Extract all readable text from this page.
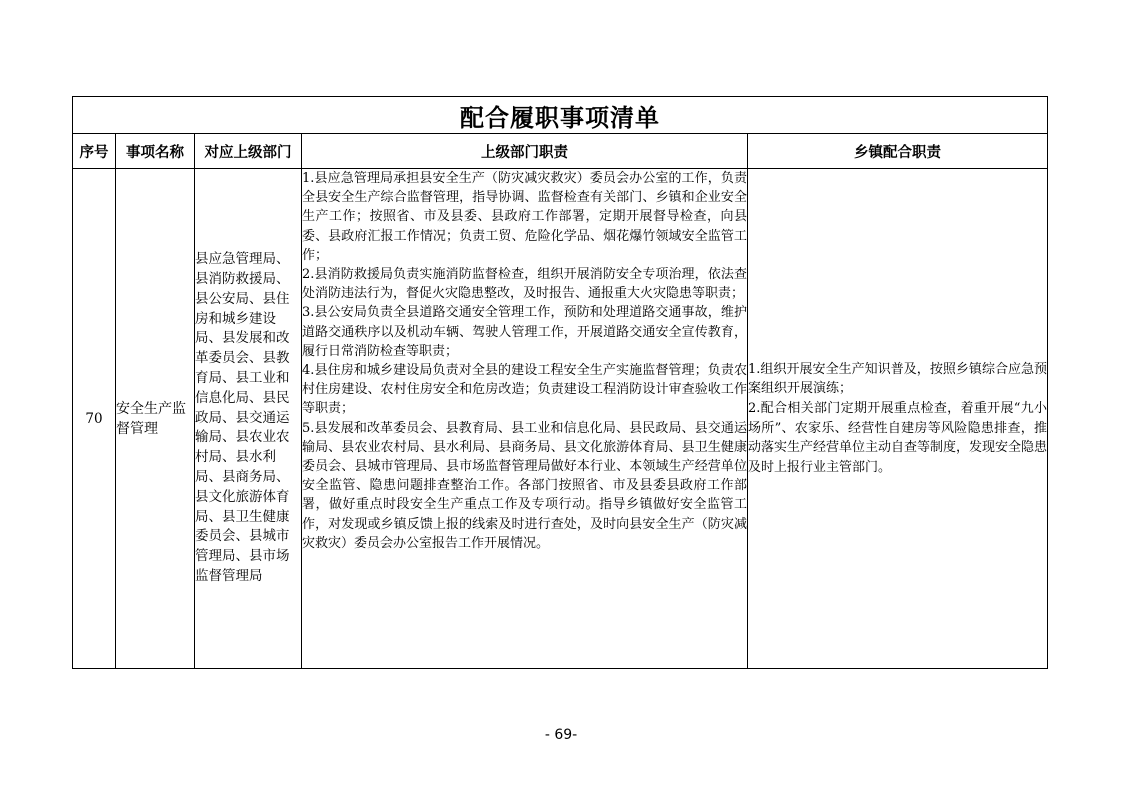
配合履职事项清单				
序号	事项名称	对应上级部门	上级部门职责	乡镇配合职责
70	安全生产监督管理	县应急管理局、县消防救援局、县公安局、县住房和城乡建设局、县发展和改革委员会、县教育局、县工业和信息化局、县民政局、县交通运输局、县农业农村局、县水利局、县商务局、县文化旅游体育局、县卫生健康委员会、县城市管理局、县市场监督管理局	1.县应急管理局承担县安全生产（防灾减灾救灾）委员会办公室的工作，负责全县安全生产综合监督管理，指导协调、监督检查有关部门、乡镇和企业安全生产工作；按照省、市及县委、县政府工作部署，定期开展督导检查，向县委、县政府汇报工作情况；负责工贸、危险化学品、烟花爆竹领域安全监管工作；
2.县消防救援局负责实施消防监督检查，组织开展消防安全专项治理，依法查处消防违法行为，督促火灾隐患整改，及时报告、通报重大火灾隐患等职责；
3.县公安局负责全县道路交通安全管理工作，预防和处理道路交通事故，维护道路交通秩序以及机动车辆、驾驶人管理工作，开展道路交通安全宣传教育，履行日常消防检查等职责；
4.县住房和城乡建设局负责对全县的建设工程安全生产实施监督管理；负责农村住房建设、农村住房安全和危房改造；负责建设工程消防设计审查验收工作等职责；
5.县发展和改革委员会、县教育局、县工业和信息化局、县民政局、县交通运输局、县农业农村局、县水利局、县商务局、县文化旅游体育局、县卫生健康委员会、县城市管理局、县市场监督管理局做好本行业、本领域生产经营单位安全监管、隐患问题排查整治工作。各部门按照省、市及县委县政府工作部署，做好重点时段安全生产重点工作及专项行动。指导乡镇做好安全监管工作，对发现或乡镇反馈上报的线索及时进行查处，及时向县安全生产（防灾减灾救灾）委员会办公室报告工作开展情况。	1.组织开展安全生产知识普及，按照乡镇综合应急预案组织开展演练；
2.配合相关部门定期开展重点检查，着重开展“九小场所”、农家乐、经营性自建房等风险隐患排查，推动落实生产经营单位主动自查等制度，发现安全隐患及时上报行业主管部门。
- 69-
